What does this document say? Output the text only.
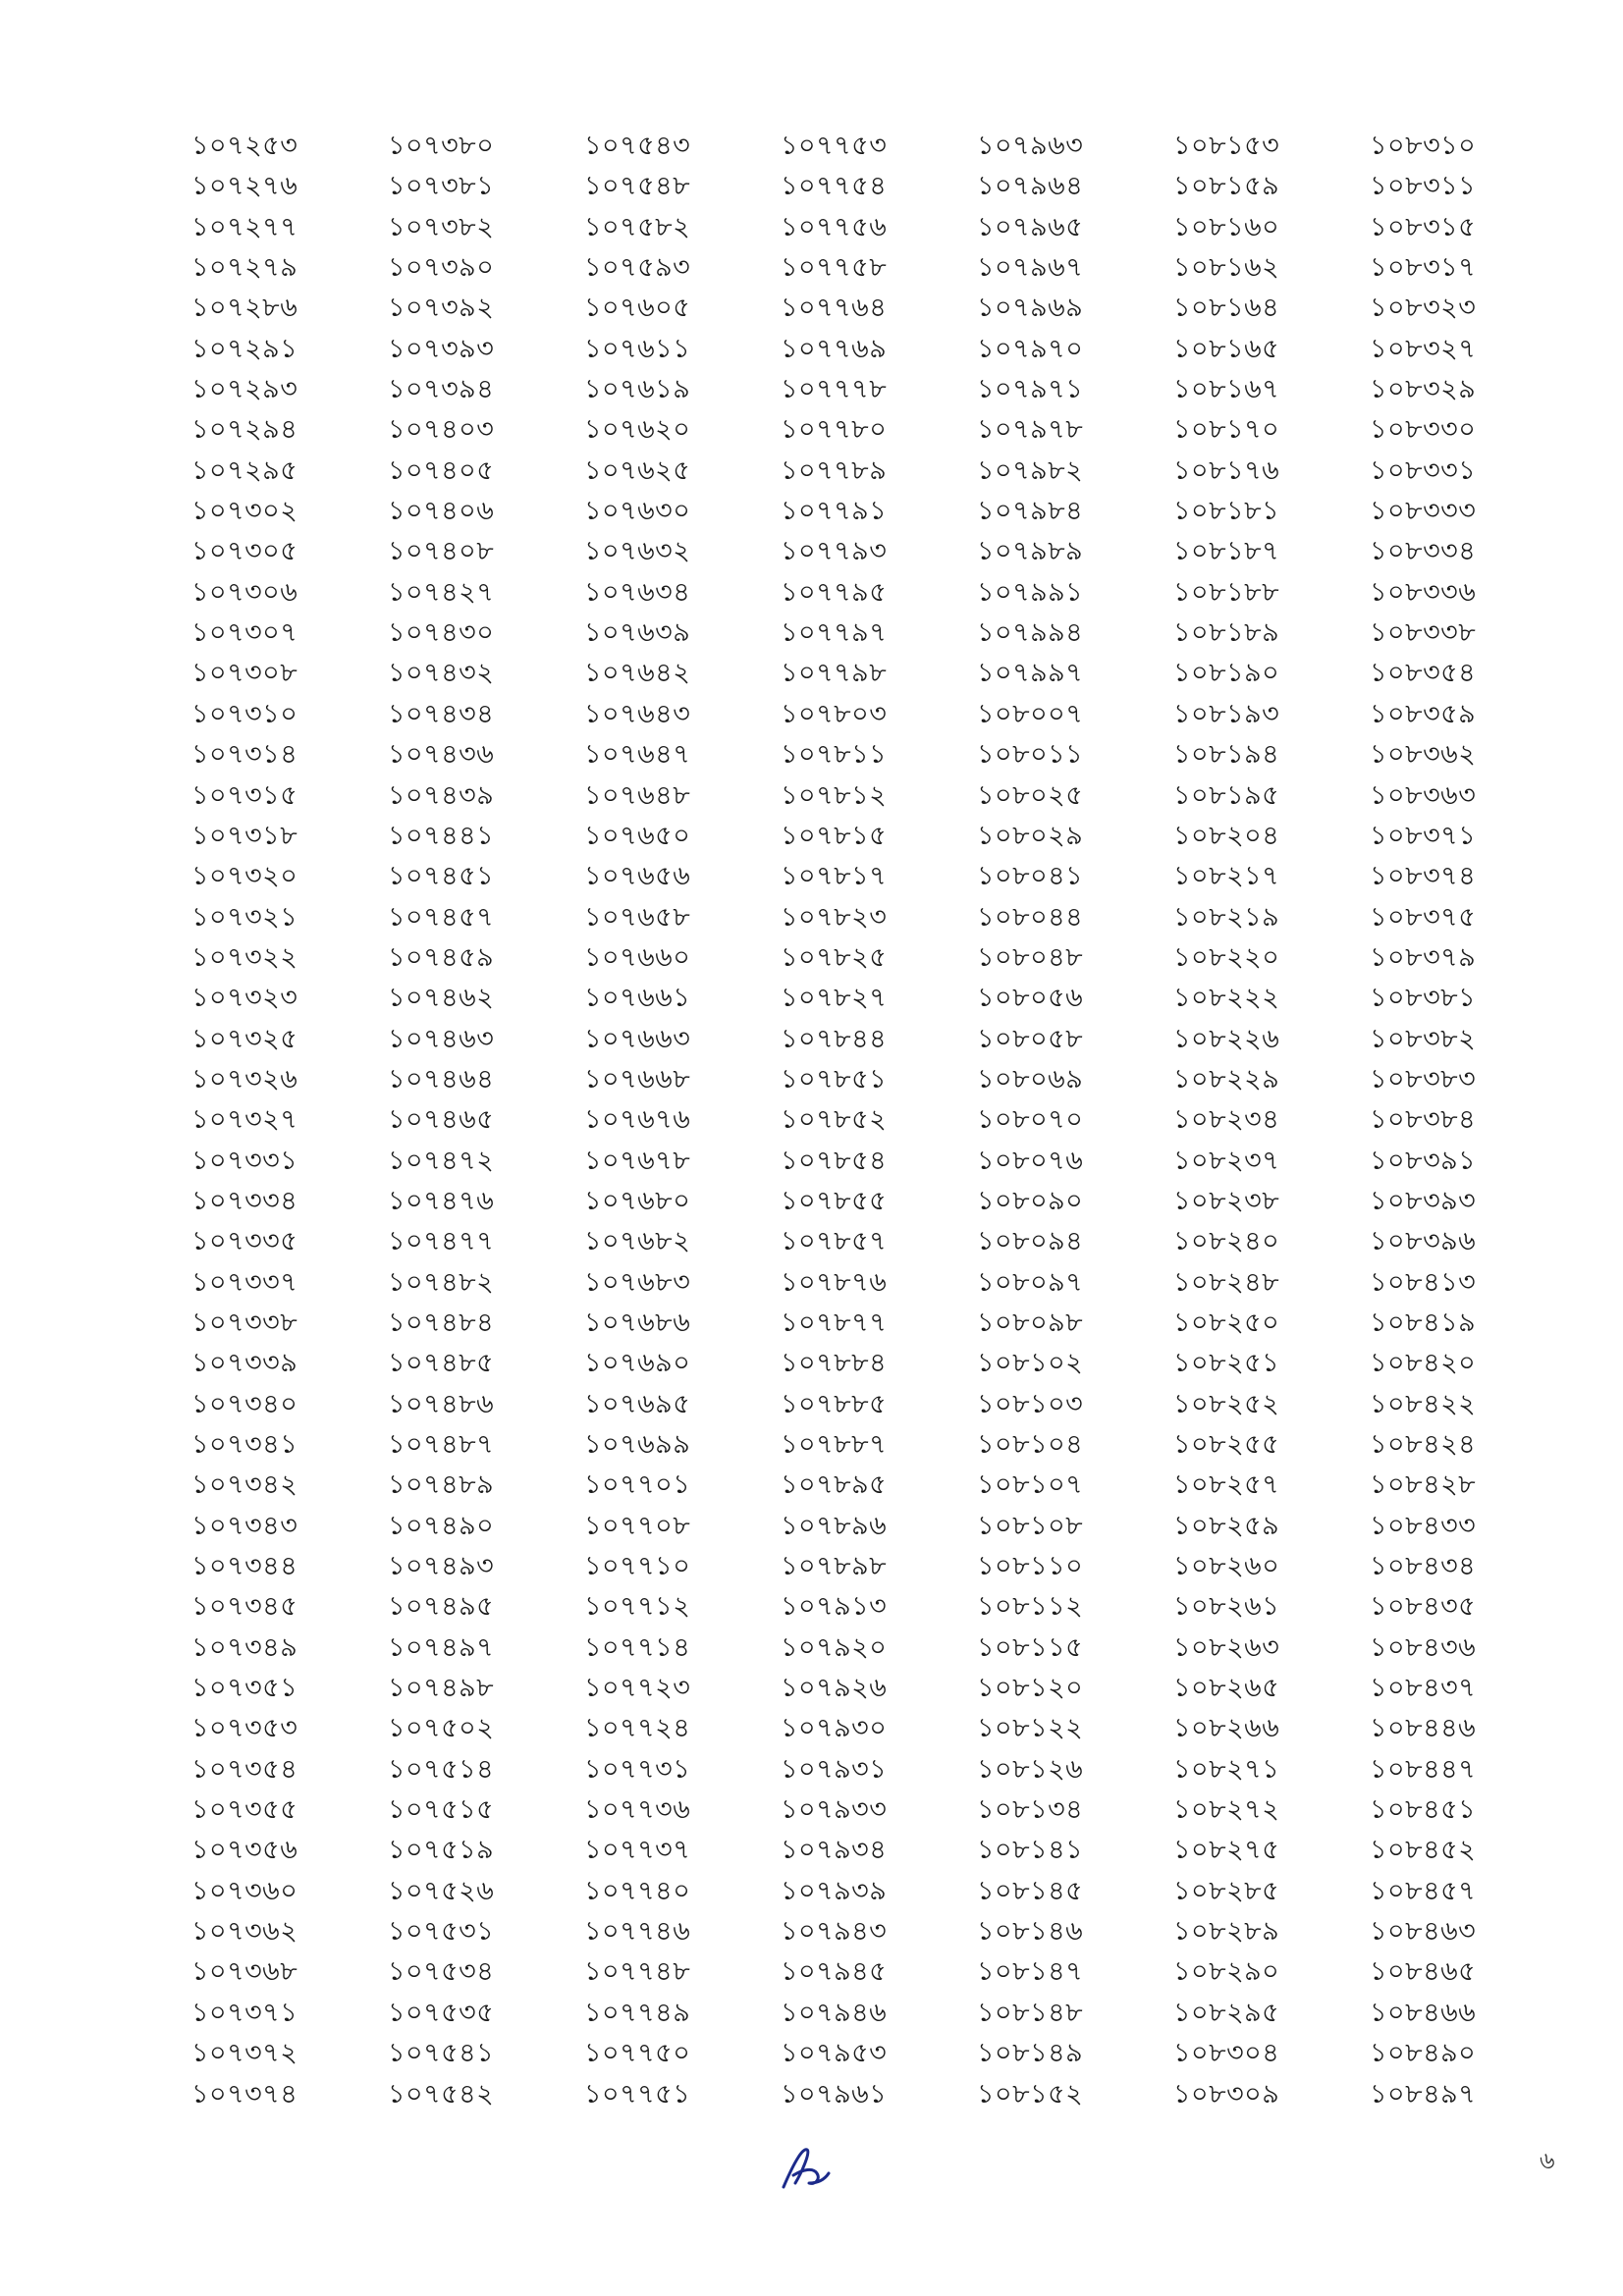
১০৭২৫৩
১০৭২৭৬
১০৭২৭৭
১০৭২৭৯
১০৭২৮৬
১০৭২৯১
১০৭২৯৩
১০৭২৯৪
১০৭২৯৫
১০৭৩০২
১০৭৩০৫
১০৭৩০৬
১০৭৩০৭
১০৭৩০৮
১০৭৩১০
১০৭৩১৪
১০৭৩১৫
১০৭৩১৮
১০৭৩২০
১০৭৩২১
১০৭৩২২
১০৭৩২৩
১০৭৩২৫
১০৭৩২৬
১০৭৩২৭
১০৭৩৩১
১০৭৩৩৪
১০৭৩৩৫
১০৭৩৩৭
১০৭৩৩৮
১০৭৩৩৯
১০৭৩৪০
১০৭৩৪১
১০৭৩৪২
১০৭৩৪৩
১০৭৩৪৪
১০৭৩৪৫
১০৭৩৪৯
১০৭৩৫১
১০৭৩৫৩
১০৭৩৫৪
১০৭৩৫৫
১০৭৩৫৬
১০৭৩৬০
১০৭৩৬২
১০৭৩৬৮
১০৭৩৭১
১০৭৩৭২
১০৭৩৭৪
১০৭৩৮০
১০৭৩৮১
১০৭৩৮২
১০৭৩৯০
১০৭৩৯২
১০৭৩৯৩
১০৭৩৯৪
১০৭৪০৩
১০৭৪০৫
১০৭৪০৬
১০৭৪০৮
১০৭৪২৭
১০৭৪৩০
১০৭৪৩২
১০৭৪৩৪
১০৭৪৩৬
১০৭৪৩৯
১০৭৪৪১
১০৭৪৫১
১০৭৪৫৭
১০৭৪৫৯
১০৭৪৬২
১০৭৪৬৩
১০৭৪৬৪
১০৭৪৬৫
১০৭৪৭২
১০৭৪৭৬
১০৭৪৭৭
১০৭৪৮২
১০৭৪৮৪
১০৭৪৮৫
১০৭৪৮৬
১০৭৪৮৭
১০৭৪৮৯
১০৭৪৯০
১০৭৪৯৩
১০৭৪৯৫
১০৭৪৯৭
১০৭৪৯৮
১০৭৫০২
১০৭৫১৪
১০৭৫১৫
১০৭৫১৯
১০৭৫২৬
১০৭৫৩১
১০৭৫৩৪
১০৭৫৩৫
১০৭৫৪১
১০৭৫৪২
১০৭৫৪৩
১০৭৫৪৮
১০৭৫৮২
১০৭৫৯৩
১০৭৬০৫
১০৭৬১১
১০৭৬১৯
১০৭৬২০
১০৭৬২৫
১০৭৬৩০
১০৭৬৩২
১০৭৬৩৪
১০৭৬৩৯
১০৭৬৪২
১০৭৬৪৩
১০৭৬৪৭
১০৭৬৪৮
১০৭৬৫০
১০৭৬৫৬
১০৭৬৫৮
১০৭৬৬০
১০৭৬৬১
১০৭৬৬৩
১০৭৬৬৮
১০৭৬৭৬
১০৭৬৭৮
১০৭৬৮০
১০৭৬৮২
১০৭৬৮৩
১০৭৬৮৬
১০৭৬৯০
১০৭৬৯৫
১০৭৬৯৯
১০৭৭০১
১০৭৭০৮
১০৭৭১০
১০৭৭১২
১০৭৭১৪
১০৭৭২৩
১০৭৭২৪
১০৭৭৩১
১০৭৭৩৬
১০৭৭৩৭
১০৭৭৪০
১০৭৭৪৬
১০৭৭৪৮
১০৭৭৪৯
১০৭৭৫০
১০৭৭৫১
১০৭৭৫৩
১০৭৭৫৪
১০৭৭৫৬
১০৭৭৫৮
১০৭৭৬৪
১০৭৭৬৯
১০৭৭৭৮
১০৭৭৮০
১০৭৭৮৯
১০৭৭৯১
১০৭৭৯৩
১০৭৭৯৫
১০৭৭৯৭
১০৭৭৯৮
১০৭৮০৩
১০৭৮১১
১০৭৮১২
১০৭৮১৫
১০৭৮১৭
১০৭৮২৩
১০৭৮২৫
১০৭৮২৭
১০৭৮৪৪
১০৭৮৫১
১০৭৮৫২
১০৭৮৫৪
১০৭৮৫৫
১০৭৮৫৭
১০৭৮৭৬
১০৭৮৭৭
১০৭৮৮৪
১০৭৮৮৫
১০৭৮৮৭
১০৭৮৯৫
১০৭৮৯৬
১০৭৮৯৮
১০৭৯১৩
১০৭৯২০
১০৭৯২৬
১০৭৯৩০
১০৭৯৩১
১০৭৯৩৩
১০৭৯৩৪
১০৭৯৩৯
১০৭৯৪৩
১০৭৯৪৫
১০৭৯৪৬
১০৭৯৫৩
১০৭৯৬১
১০৭৯৬৩
১০৭৯৬৪
১০৭৯৬৫
১০৭৯৬৭
১০৭৯৬৯
১০৭৯৭০
১০৭৯৭১
১০৭৯৭৮
১০৭৯৮২
১০৭৯৮৪
১০৭৯৮৯
১০৭৯৯১
১০৭৯৯৪
১০৭৯৯৭
১০৮০০৭
১০৮০১১
১০৮০২৫
১০৮০২৯
১০৮০৪১
১০৮০৪৪
১০৮০৪৮
১০৮০৫৬
১০৮০৫৮
১০৮০৬৯
১০৮০৭০
১০৮০৭৬
১০৮০৯০
১০৮০৯৪
১০৮০৯৭
১০৮০৯৮
১০৮১০২
১০৮১০৩
১০৮১০৪
১০৮১০৭
১০৮১০৮
১০৮১১০
১০৮১১২
১০৮১১৫
১০৮১২০
১০৮১২২
১০৮১২৬
১০৮১৩৪
১০৮১৪১
১০৮১৪৫
১০৮১৪৬
১০৮১৪৭
১০৮১৪৮
১০৮১৪৯
১০৮১৫২
১০৮১৫৩
১০৮১৫৯
১০৮১৬০
১০৮১৬২
১০৮১৬৪
১০৮১৬৫
১০৮১৬৭
১০৮১৭০
১০৮১৭৬
১০৮১৮১
১০৮১৮৭
১০৮১৮৮
১০৮১৮৯
১০৮১৯০
১০৮১৯৩
১০৮১৯৪
১০৮১৯৫
১০৮২০৪
১০৮২১৭
১০৮২১৯
১০৮২২০
১০৮২২২
১০৮২২৬
১০৮২২৯
১০৮২৩৪
১০৮২৩৭
১০৮২৩৮
১০৮২৪০
১০৮২৪৮
১০৮২৫০
১০৮২৫১
১০৮২৫২
১০৮২৫৫
১০৮২৫৭
১০৮২৫৯
১০৮২৬০
১০৮২৬১
১০৮২৬৩
১০৮২৬৫
১০৮২৬৬
১০৮২৭১
১০৮২৭২
১০৮২৭৫
১০৮২৮৫
১০৮২৮৯
১০৮২৯০
১০৮২৯৫
১০৮৩০৪
১০৮৩০৯
১০৮৩১০
১০৮৩১১
১০৮৩১৫
১০৮৩১৭
১০৮৩২৩
১০৮৩২৭
১০৮৩২৯
১০৮৩৩০
১০৮৩৩১
১০৮৩৩৩
১০৮৩৩৪
১০৮৩৩৬
১০৮৩৩৮
১০৮৩৫৪
১০৮৩৫৯
১০৮৩৬২
১০৮৩৬৩
১০৮৩৭১
১০৮৩৭৪
১০৮৩৭৫
১০৮৩৭৯
১০৮৩৮১
১০৮৩৮২
১০৮৩৮৩
১০৮৩৮৪
১০৮৩৯১
১০৮৩৯৩
১০৮৩৯৬
১০৮৪১৩
১০৮৪১৯
১০৮৪২০
১০৮৪২২
১০৮৪২৪
১০৮৪২৮
১০৮৪৩৩
১০৮৪৩৪
১০৮৪৩৫
১০৮৪৩৬
১০৮৪৩৭
১০৮৪৪৬
১০৮৪৪৭
১০৮৪৫১
১০৮৪৫২
১০৮৪৫৭
১০৮৪৬৩
১০৮৪৬৫
১০৮৪৬৬
১০৮৪৯০
১০৮৪৯৭
৬
